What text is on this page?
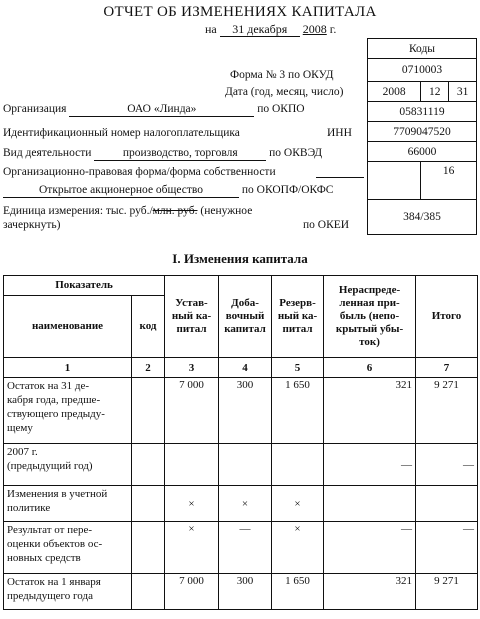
ОТЧЕТ ОБ ИЗМЕНЕНИЯХ КАПИТАЛА
на 31 декабря 2008 г.
Коды		
0710003		
2008	12	31
05831119		
7709047520		
66000		
	16	
384/385		
Форма № 3 по ОКУД
Дата (год, месяц, число)
Организация	ОАО «Линда»	по ОКПО
Идентификационный номер налогоплательщика	ИНН
Вид деятельности	производство, торговля	по ОКВЭД
Организационно-правовая форма/форма собственности
Открытое акционерное общество	по ОКОПФ/ОКФС
Единица измерения: тыс. руб./млн. руб. (ненужное
зачеркнуть)	по ОКЕИ
I. Изменения капитала
Показатель		Устав-
ный ка-
питал	Доба-
вочный
капитал	Резерв-
ный ка-
питал	Нераспреде-
ленная при-
быль (непо-
крытый убы-
ток)	Итого
наименование	код					
1	2	3	4	5	6	7
Остаток на 31 де-
кабря года, предше-
ствующего предыду-
щему		7 000	300	1 650	321	9 271
2007 г.
(предыдущий год)					—	—
Изменения в учетной
политике		×	×	×		
Результат от пере-
оценки объектов ос-
новных средств		×	—	×	—	—
Остаток на 1 января
предыдущего года		7 000	300	1 650	321	9 271
